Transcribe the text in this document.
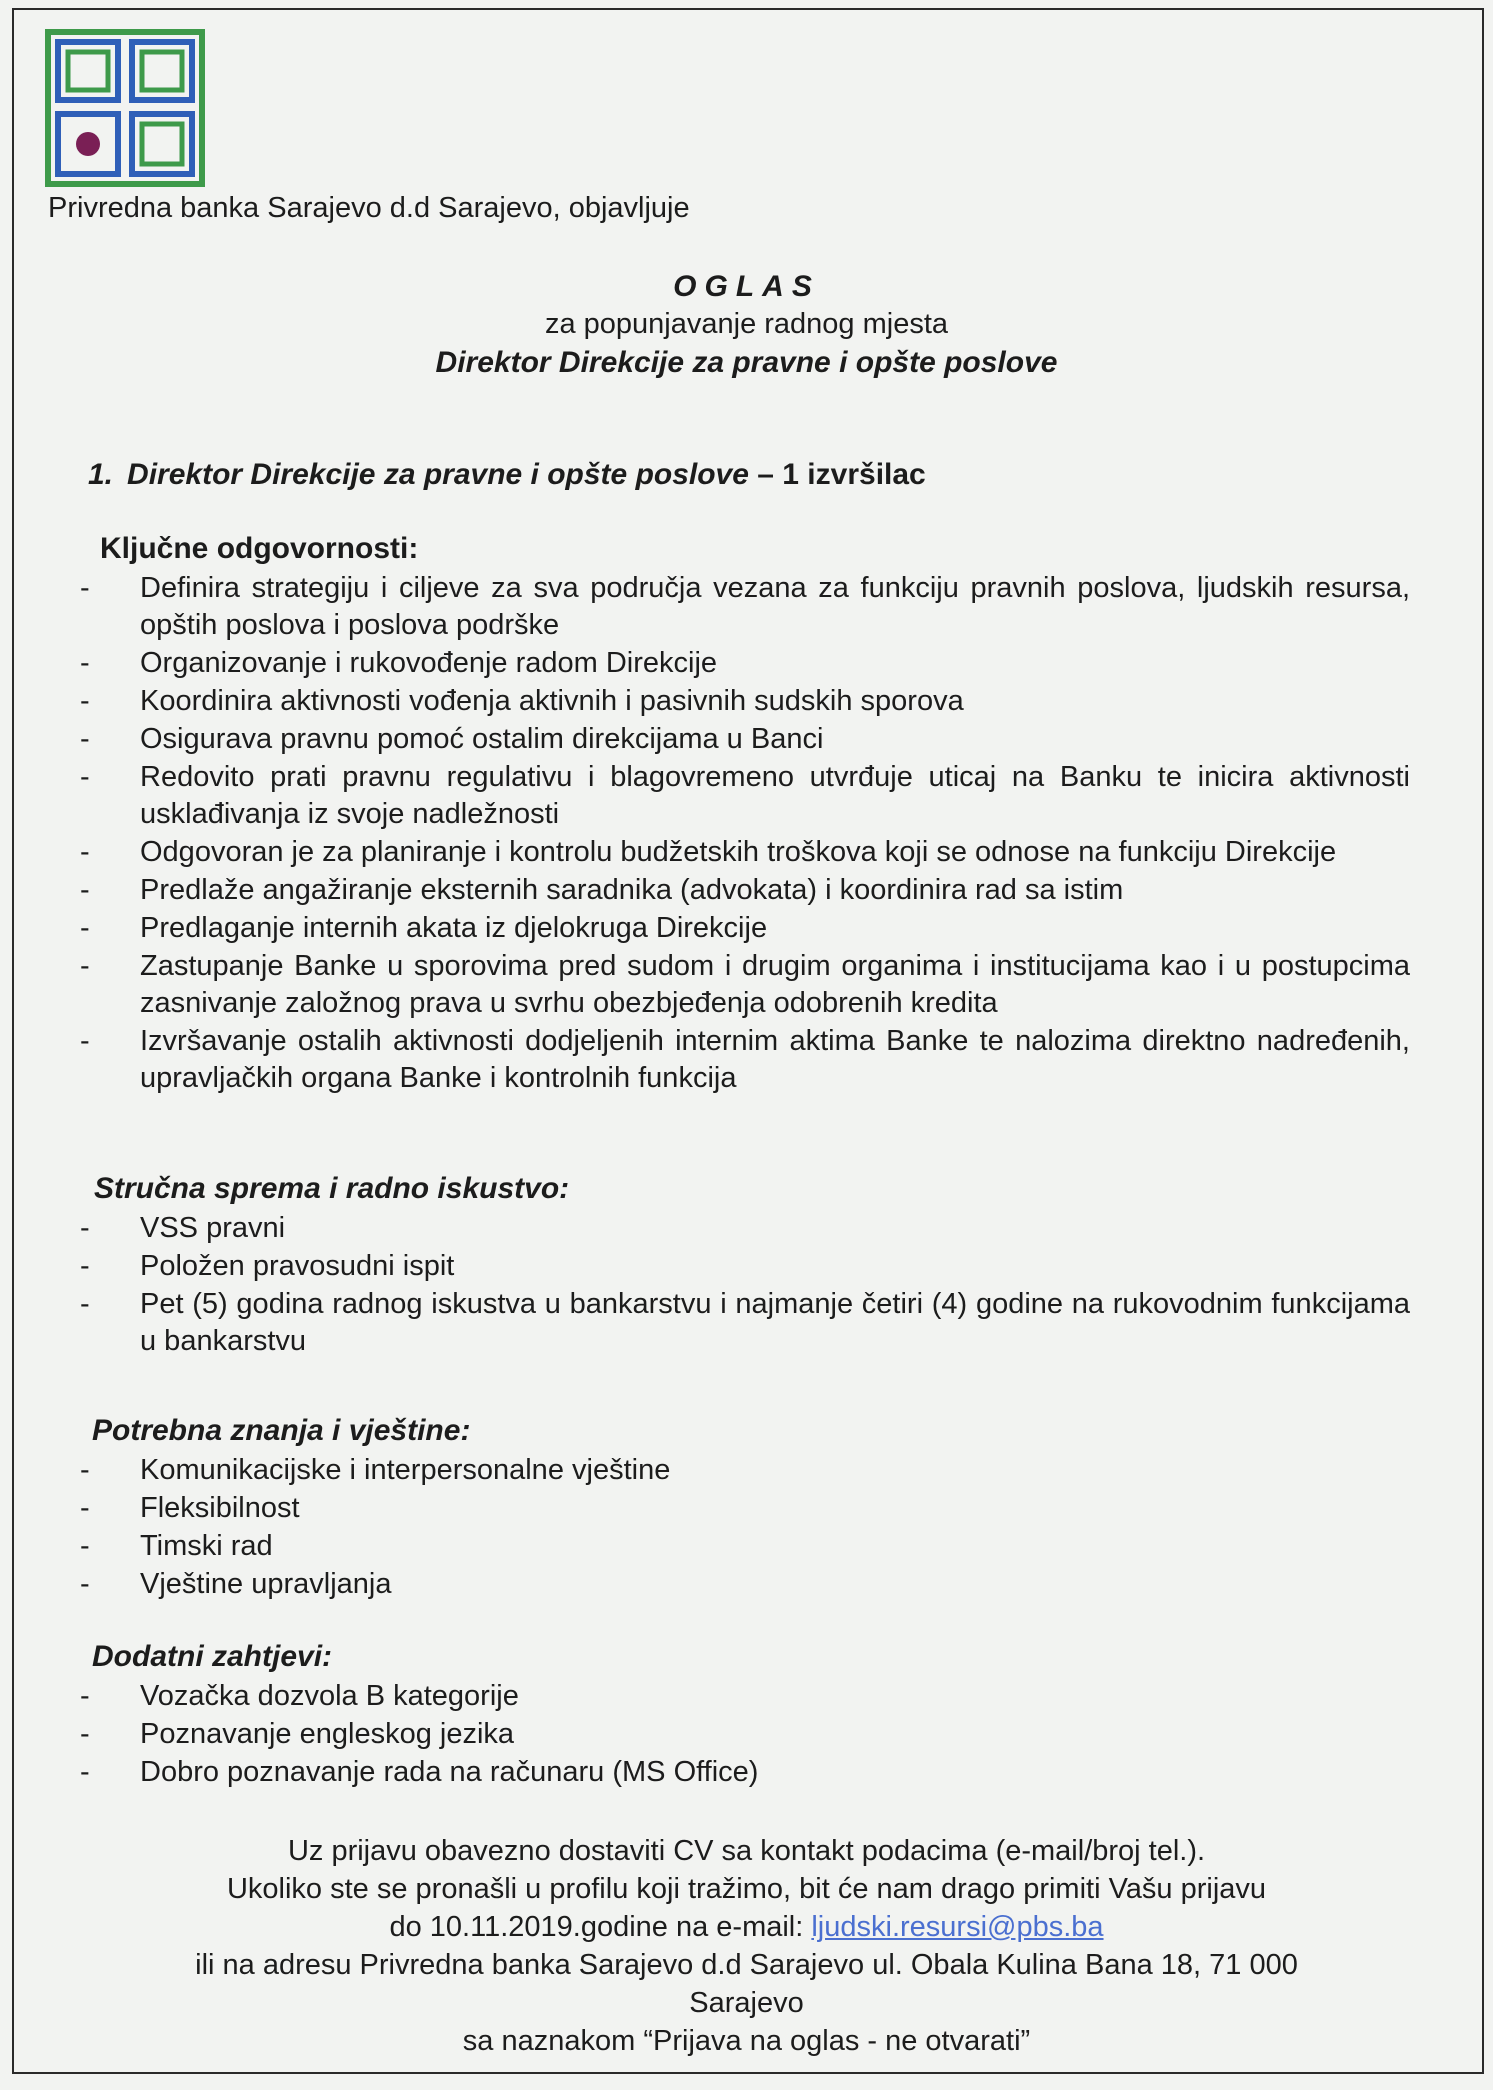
Privredna banka Sarajevo d.d Sarajevo, objavljuje
OGLAS
za popunjavanje radnog mjesta
Direktor Direkcije za pravne i opšte poslove
1. Direktor Direkcije za pravne i opšte poslove – 1 izvršilac
Ključne odgovornosti:
- Definira strategiju i ciljeve za sva područja vezana za funkciju pravnih poslova, ljudskih resursa, opštih poslova i poslova podrške
- Organizovanje i rukovođenje radom Direkcije
- Koordinira aktivnosti vođenja aktivnih i pasivnih sudskih sporova
- Osigurava pravnu pomoć ostalim direkcijama u Banci
- Redovito prati pravnu regulativu i blagovremeno utvrđuje uticaj na Banku te inicira aktivnosti usklađivanja iz svoje nadležnosti
- Odgovoran je za planiranje i kontrolu budžetskih troškova koji se odnose na funkciju Direkcije
- Predlaže angažiranje eksternih saradnika (advokata) i koordinira rad sa istim
- Predlaganje internih akata iz djelokruga Direkcije
- Zastupanje Banke u sporovima pred sudom i drugim organima i institucijama kao i u postupcima zasnivanje založnog prava u svrhu obezbjeđenja odobrenih kredita
- Izvršavanje ostalih aktivnosti dodjeljenih internim aktima Banke te nalozima direktno nadređenih, upravljačkih organa Banke i kontrolnih funkcija
Stručna sprema i radno iskustvo:
- VSS pravni
- Položen pravosudni ispit
- Pet (5) godina radnog iskustva u bankarstvu i najmanje četiri (4) godine na rukovodnim funkcijama u bankarstvu
Potrebna znanja i vještine:
- Komunikacijske i interpersonalne vještine
- Fleksibilnost
- Timski rad
- Vještine upravljanja
Dodatni zahtjevi:
- Vozačka dozvola B kategorije
- Poznavanje engleskog jezika
- Dobro poznavanje rada na računaru (MS Office)
Uz prijavu obavezno dostaviti CV sa kontakt podacima (e-mail/broj tel.).
Ukoliko ste se pronašli u profilu koji tražimo, bit će nam drago primiti Vašu prijavu
do 10.11.2019.godine na e-mail: ljudski.resursi@pbs.ba
ili na adresu Privredna banka Sarajevo d.d Sarajevo ul. Obala Kulina Bana 18, 71 000
Sarajevo
sa naznakom “Prijava na oglas - ne otvarati”
